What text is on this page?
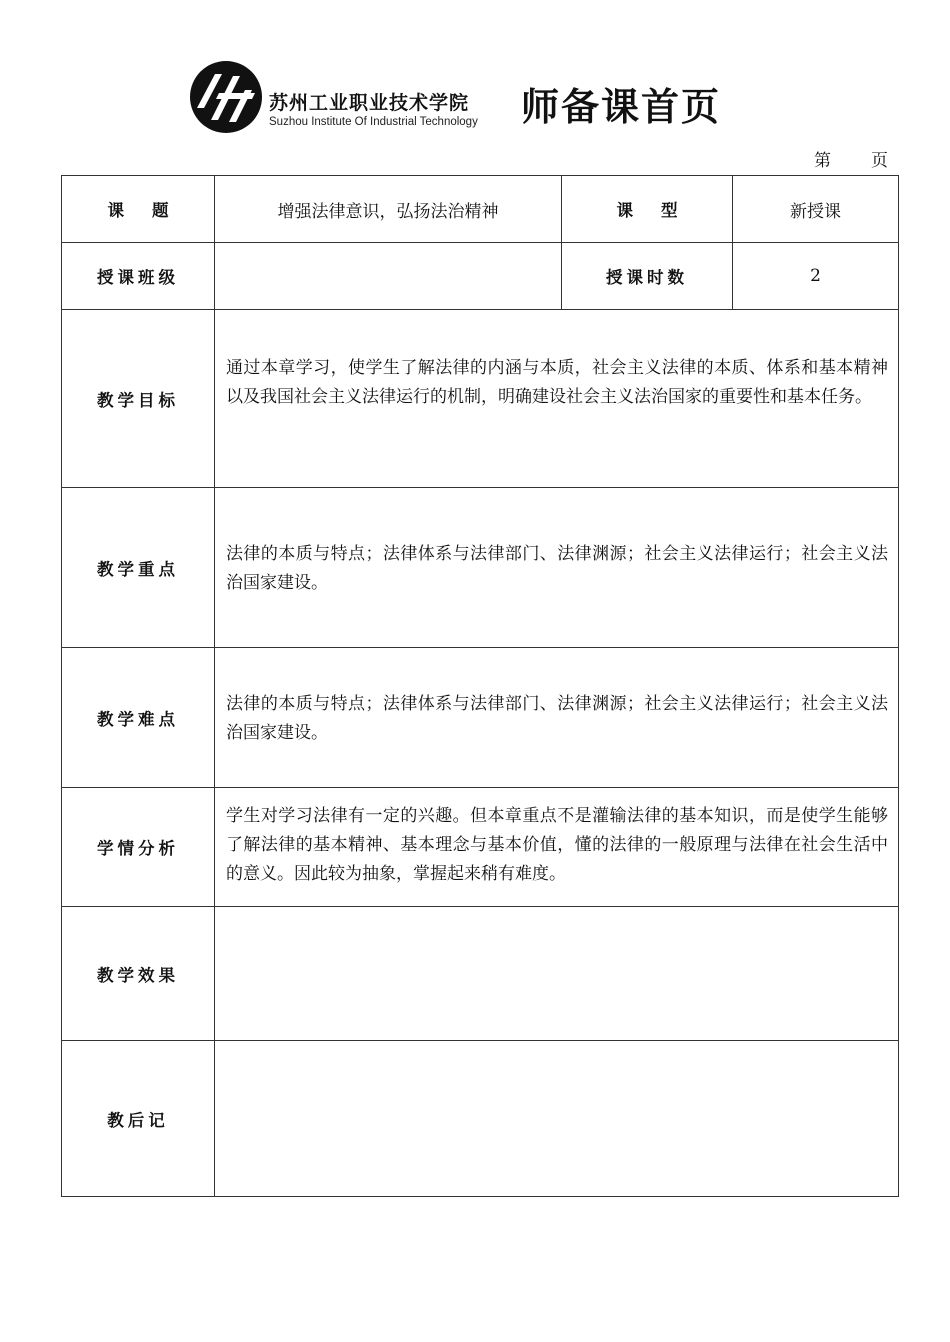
苏州工业职业技术学院
Suzhou Institute Of Industrial Technology 师备课首页
第 页
课题	增强法律意识，弘扬法治精神	课型	新授课
授课班级		授课时数	2
教学目标	通过本章学习，使学生了解法律的内涵与本质，社会主义法律的本质、体系和基本精神以及我国社会主义法律运行的机制，明确建设社会主义法治国家的重要性和基本任务。		
教学重点	法律的本质与特点；法律体系与法律部门、法律渊源；社会主义法律运行；社会主义法治国家建设。		
教学难点	法律的本质与特点；法律体系与法律部门、法律渊源；社会主义法律运行；社会主义法治国家建设。		
学情分析	学生对学习法律有一定的兴趣。但本章重点不是灌输法律的基本知识，而是使学生能够了解法律的基本精神、基本理念与基本价值，懂的法律的一般原理与法律在社会生活中的意义。因此较为抽象，掌握起来稍有难度。		
教学效果			
教后记			
